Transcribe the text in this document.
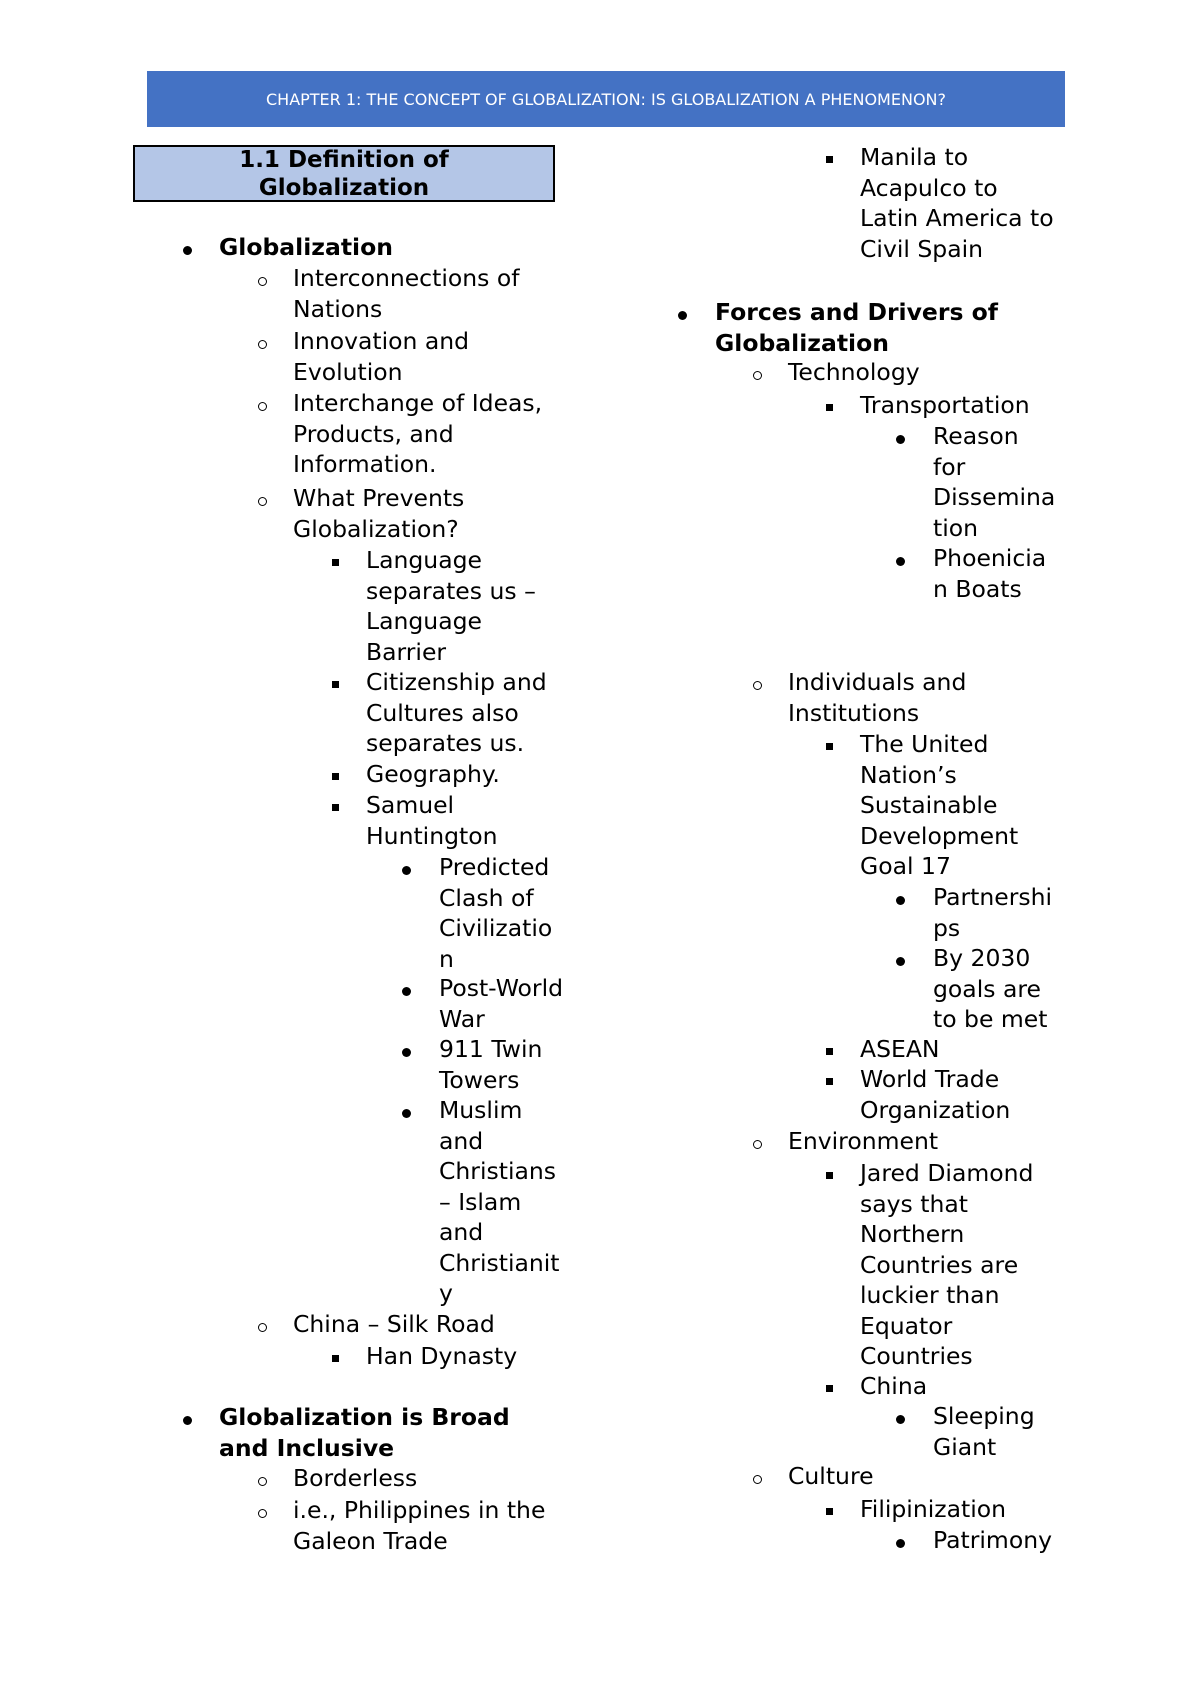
CHAPTER 1: THE CONCEPT OF GLOBALIZATION: IS GLOBALIZATION A PHENOMENON?
1.1 Definition of
Globalization
Globalization
Interconnections of
Nations
Innovation and
Evolution
Interchange of Ideas,
Products, and
Information.
What Prevents
Globalization?
Language
separates us –
Language
Barrier
Citizenship and
Cultures also
separates us.
Geography.
Samuel
Huntington
Predicted
Clash of
Civilizatio
n
Post-World
War
911 Twin
Towers
Muslim
and
Christians
– Islam
and
Christianit
y
China – Silk Road
Han Dynasty
Globalization is Broad
and Inclusive
Borderless
i.e., Philippines in the
Galeon Trade
Manila to
Acapulco to
Latin America to
Civil Spain
Forces and Drivers of
Globalization
Technology
Transportation
Reason
for
Dissemina
tion
Phoenicia
n Boats
Individuals and
Institutions
The United
Nation’s
Sustainable
Development
Goal 17
Partnershi
ps
By 2030
goals are
to be met
ASEAN
World Trade
Organization
Environment
Jared Diamond
says that
Northern
Countries are
luckier than
Equator
Countries
China
Sleeping
Giant
Culture
Filipinization
Patrimony
